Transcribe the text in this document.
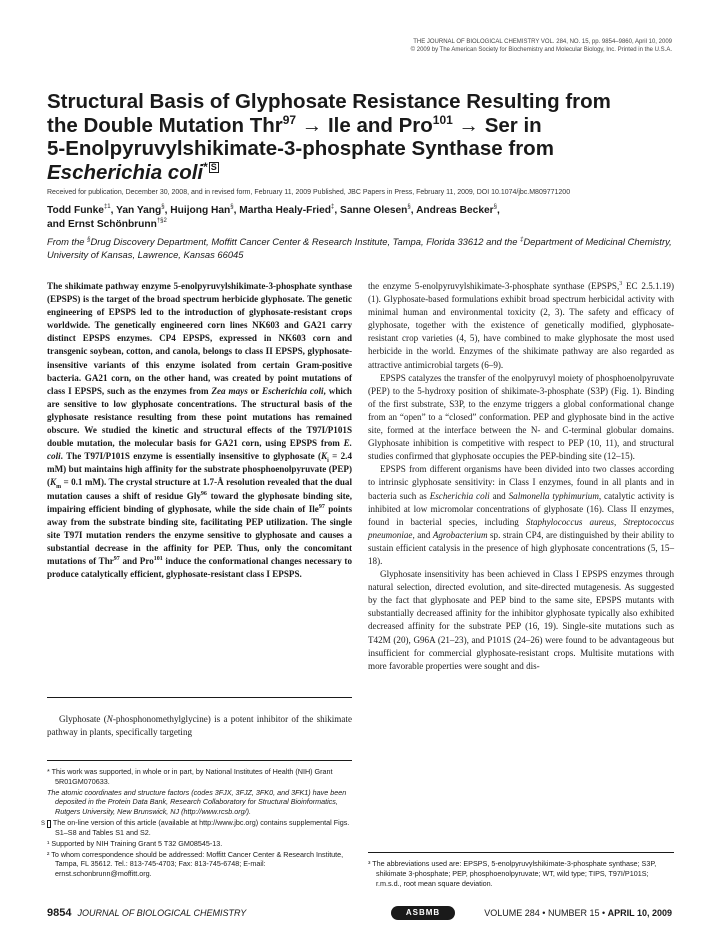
THE JOURNAL OF BIOLOGICAL CHEMISTRY VOL. 284, NO. 15, pp. 9854–9860, April 10, 2009
© 2009 by The American Society for Biochemistry and Molecular Biology, Inc. Printed in the U.S.A.
Structural Basis of Glyphosate Resistance Resulting from
the Double Mutation Thr$^{97}$ → Ile and Pro$^{101}$ → Ser in
5-Enolpyruvylshikimate-3-phosphate Synthase from
Escherichia coli* S
Received for publication, December 30, 2008, and in revised form, February 11, 2009 Published, JBC Papers in Press, February 11, 2009, DOI 10.1074/jbc.M809771200
Todd Funke$^{\ddagger 1}$, Yan Yang§, Huijong Han§, Martha Healy-Fried‡, Sanne Olesen§, Andreas Becker§,
and Ernst Schönbrunn$^{\dagger\S 2}$
From the §Drug Discovery Department, Moffitt Cancer Center & Research Institute, Tampa, Florida 33612 and the ‡Department of Medicinal Chemistry, University of Kansas, Lawrence, Kansas 66045

The shikimate pathway enzyme 5-enolpyruvylshikimate-3-phosphate synthase (EPSPS) is the target of the broad spectrum herbicide glyphosate. The genetic engineering of EPSPS led to the introduction of glyphosate-resistant crops worldwide. The genetically engineered corn lines NK603 and GA21 carry distinct EPSPS enzymes. CP4 EPSPS, expressed in NK603 corn and transgenic soybean, cotton, and canola, belongs to class II EPSPS, glyphosate-insensitive variants of this enzyme isolated from certain Gram-positive bacteria. GA21 corn, on the other hand, was created by point mutations of class I EPSPS, such as the enzymes from Zea mays or Escherichia coli, which are sensitive to low glyphosate concentrations. The structural basis of the glyphosate resistance resulting from these point mutations has remained obscure. We studied the kinetic and structural effects of the T97I/P101S double mutation, the molecular basis for GA21 corn, using EPSPS from E. coli. The T97I/P101S enzyme is essentially insensitive to glyphosate ($K_i = 2.4$ mM) but maintains high affinity for the substrate phosphoenolpyruvate (PEP) ($K_m = 0.1$ mM). The crystal structure at 1.7-Å resolution revealed that the dual mutation causes a shift of residue Gly$^{96}$ toward the glyphosate binding site, impairing efficient binding of glyphosate, while the side chain of Ile$^{97}$ points away from the substrate binding site, facilitating PEP utilization. The single site T97I mutation renders the enzyme sensitive to glyphosate and causes a substantial decrease in the affinity for PEP. Thus, only the concomitant mutations of Thr$^{97}$ and Pro$^{101}$ induce the conformational changes necessary to produce catalytically efficient, glyphosate-resistant class I EPSPS.

Glyphosate (N-phosphonomethylglycine) is a potent inhibitor of the shikimate pathway in plants, specifically targeting

* This work was supported, in whole or in part, by National Institutes of Health (NIH) Grant 5R01GM070633.

The atomic coordinates and structure factors (codes 3FJX, 3FJZ, 3FK0, and 3FK1) have been deposited in the Protein Data Bank, Research Collaboratory for Structural Bioinformatics, Rutgers University, New Brunswick, NJ (http://www.rcsb.org/).

S The on-line version of this article (available at http://www.jbc.org) contains supplemental Figs. S1–S8 and Tables S1 and S2.

¹ Supported by NIH Training Grant 5 T32 GM08545-13.

² To whom correspondence should be addressed: Moffitt Cancer Center & Research Institute, Tampa, FL 35612. Tel.: 813-745-4703; Fax: 813-745-6748; E-mail: ernst.schonbrunn@moffitt.org.

the enzyme 5-enolpyruvylshikimate-3-phosphate synthase (EPSPS,$^3$ EC 2.5.1.19) (1). Glyphosate-based formulations exhibit broad spectrum herbicidal activity with minimal human and environmental toxicity (2, 3). The safety and efficacy of glyphosate, together with the existence of genetically modified, glyphosate-resistant crop varieties (4, 5), have combined to make glyphosate the most used herbicide in the world. Enzymes of the shikimate pathway are also regarded as attractive antimicrobial targets (6–9).

EPSPS catalyzes the transfer of the enolpyruvyl moiety of phosphoenolpyruvate (PEP) to the 5-hydroxy position of shikimate-3-phosphate (S3P) (Fig. 1). Binding of the first substrate, S3P, to the enzyme triggers a global conformational change from an “open” to a “closed” conformation. PEP and glyphosate bind in the active site, formed at the interface between the N- and C-terminal globular domains. Glyphosate inhibition is competitive with respect to PEP (10, 11), and structural studies confirmed that glyphosate occupies the PEP-binding site (12–15).

EPSPS from different organisms have been divided into two classes according to intrinsic glyphosate sensitivity: in Class I enzymes, found in all plants and in bacteria such as Escherichia coli and Salmonella typhimurium, catalytic activity is inhibited at low micromolar concentrations of glyphosate (16). Class II enzymes, found in bacterial species, including Staphylococcus aureus, Streptococcus pneumoniae, and Agrobacterium sp. strain CP4, are distinguished by their ability to sustain efficient catalysis in the presence of high glyphosate concentrations (5, 15–18).

Glyphosate insensitivity has been achieved in Class I EPSPS enzymes through natural selection, directed evolution, and site-directed mutagenesis. As suggested by the fact that glyphosate and PEP bind to the same site, EPSPS mutants with substantially decreased affinity for the inhibitor glyphosate typically also exhibited decreased affinity for the substrate PEP (16, 19). Single-site mutations such as T42M (20), G96A (21–23), and P101S (24–26) were found to be advantageous but insufficient for commercial glyphosate-resistant crops. Multisite mutations with more favorable properties were sought and dis-

³ The abbreviations used are: EPSPS, 5-enolpyruvylshikimate-3-phosphate synthase; S3P, shikimate 3-phosphate; PEP, phosphoenolpyruvate; WT, wild type; TIPS, T97I/P101S; r.m.s.d., root mean square deviation.

9854 JOURNAL OF BIOLOGICAL CHEMISTRY	ASBMB	VOLUME 284 • NUMBER 15 • APRIL 10, 2009
